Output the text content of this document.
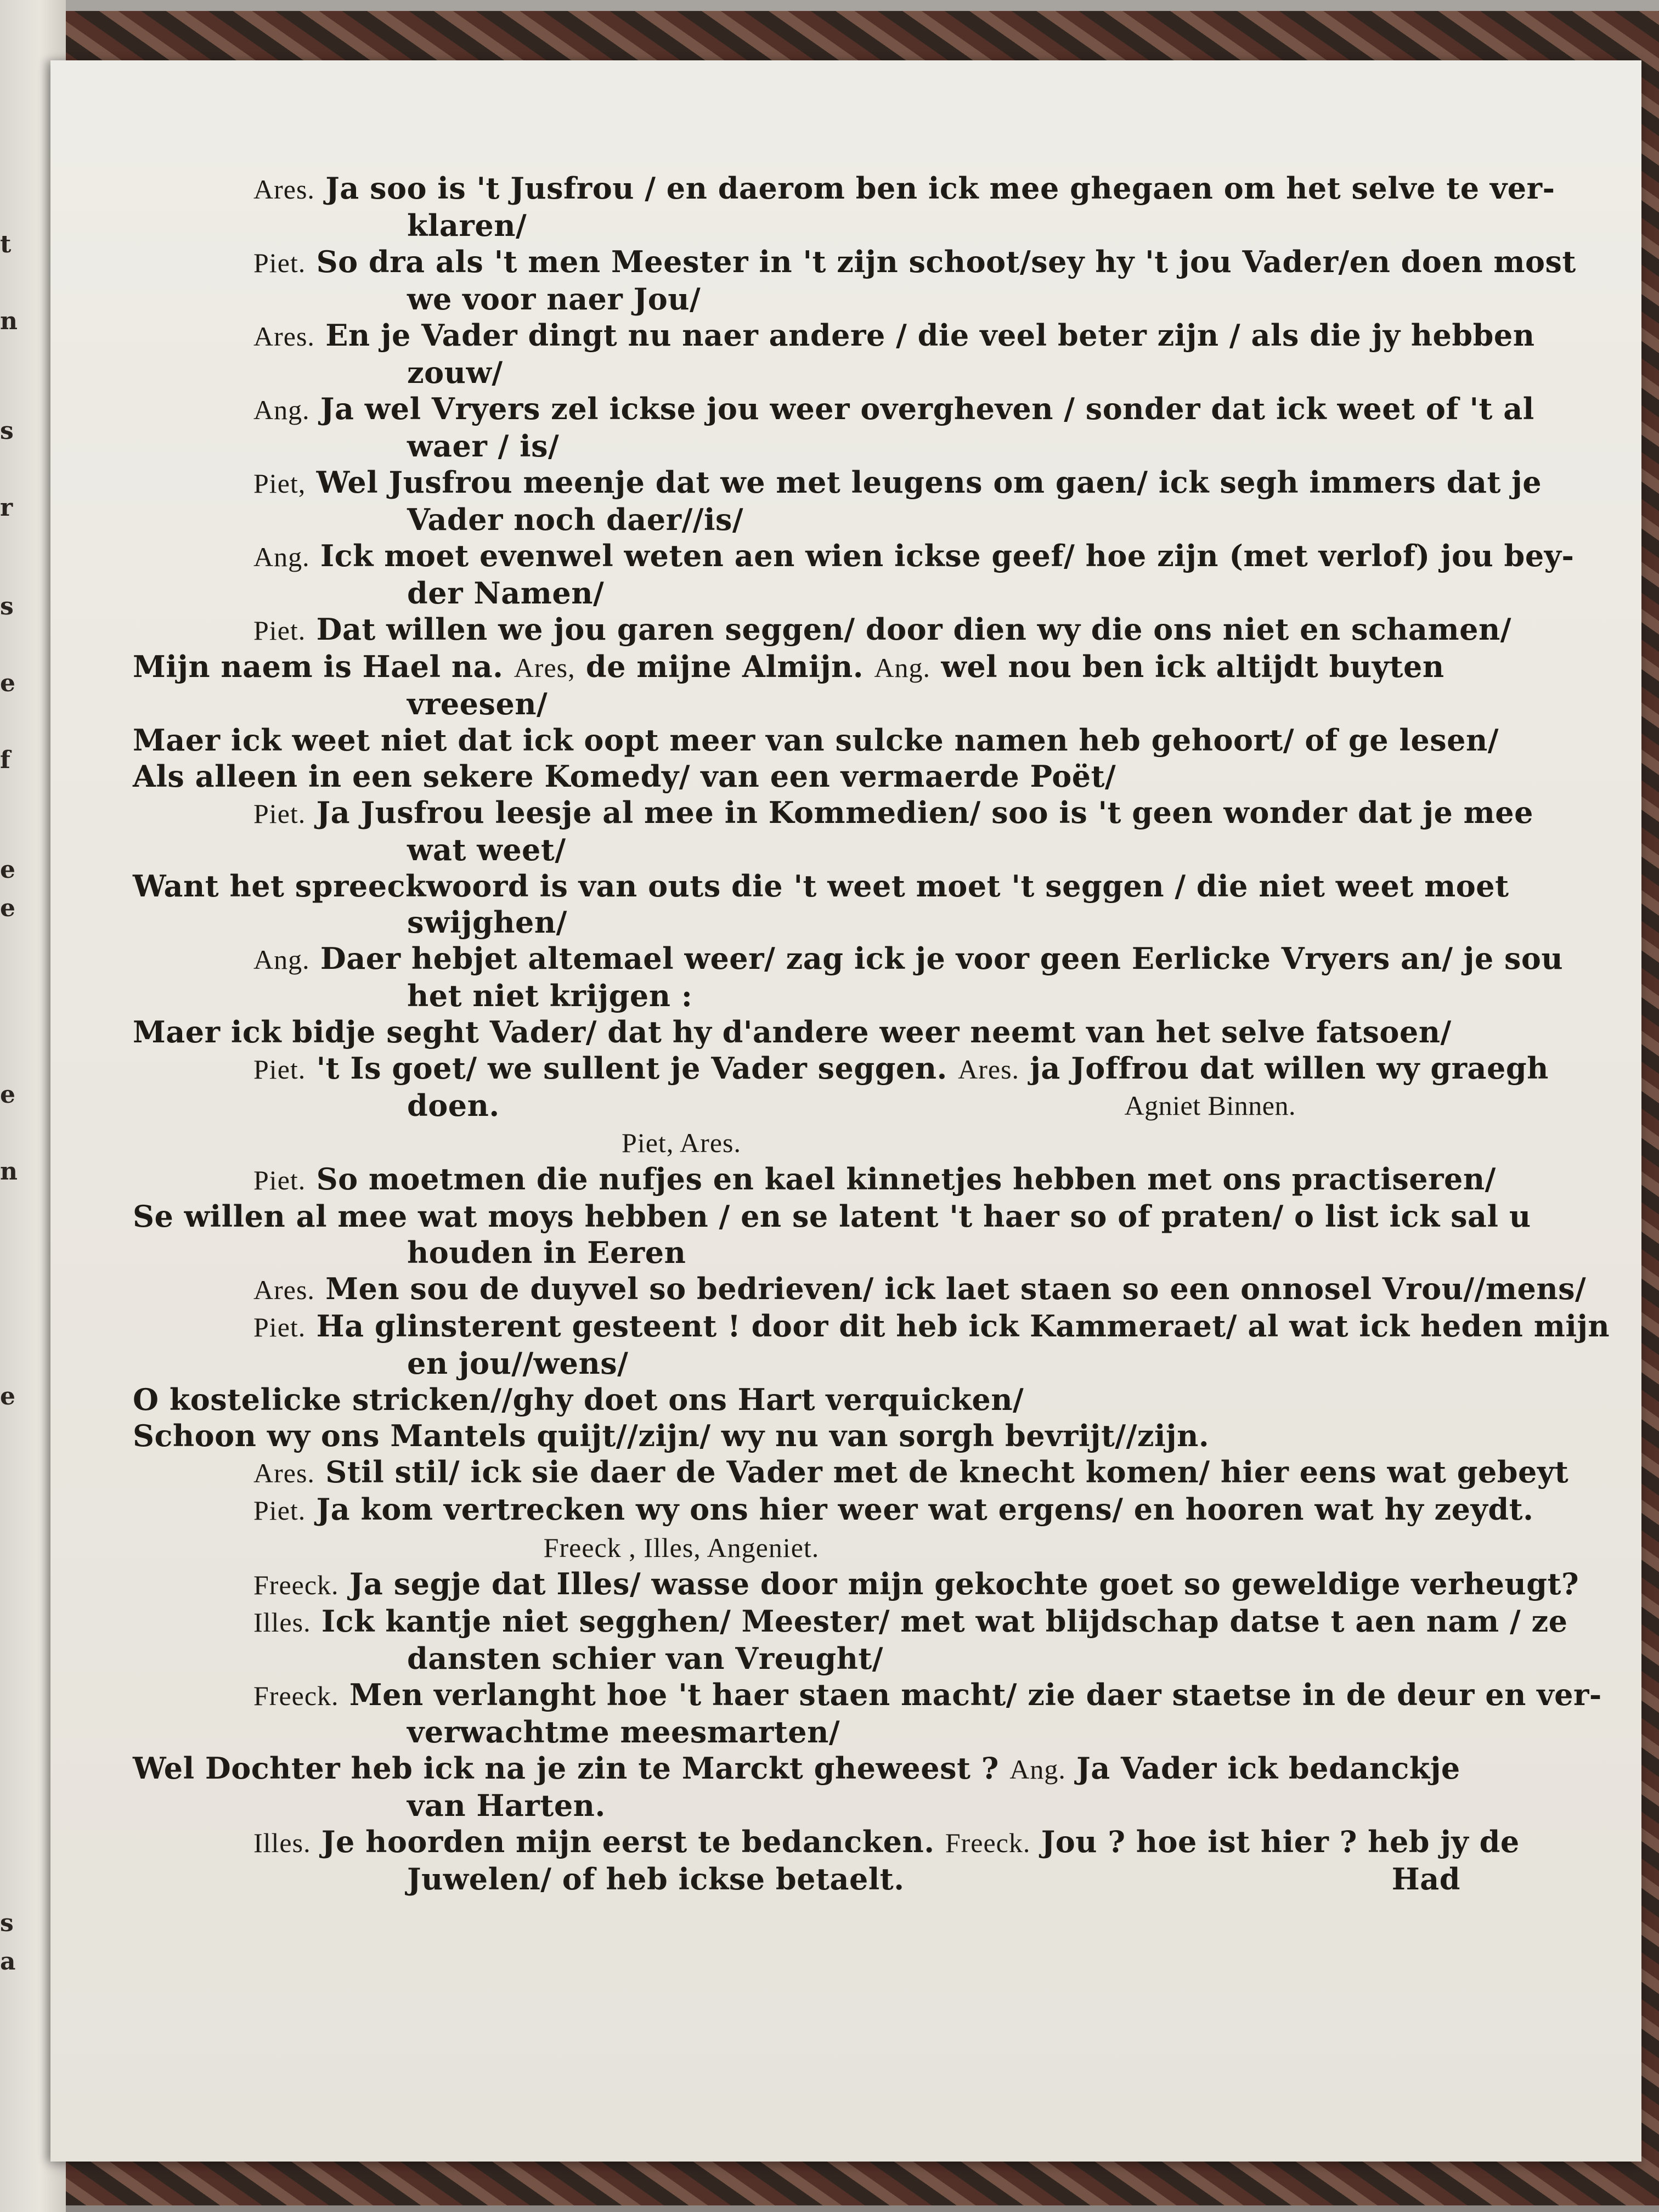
t
n
s
r
s
e
f
e
e
e
n
e
s
a
Ares. Ja soo is 't Jusfrou / en daerom ben ick mee ghegaen om het selve te ver-
klaren/
Piet. So dra als 't men Meester in 't zijn schoot/sey hy 't jou Vader/en doen most
we voor naer Jou/
Ares. En je Vader dingt nu naer andere / die veel beter zijn / als die jy hebben
zouw/
Ang. Ja wel Vryers zel ickse jou weer overgheven / sonder dat ick weet of 't al
waer / is/
Piet, Wel Jusfrou meenje dat we met leugens om gaen/ ick segh immers dat je
Vader noch daer//is/
Ang. Ick moet evenwel weten aen wien ickse geef/ hoe zijn (met verlof) jou bey-
der Namen/
Piet. Dat willen we jou garen seggen/ door dien wy die ons niet en schamen/
Mijn naem is Hael na. Ares, de mijne Almijn. Ang. wel nou ben ick altijdt buyten
vreesen/
Maer ick weet niet dat ick oopt meer van sulcke namen heb gehoort/ of ge lesen/
Als alleen in een sekere Komedy/ van een vermaerde Poët/
Piet. Ja Jusfrou leesje al mee in Kommedien/ soo is 't geen wonder dat je mee
wat weet/
Want het spreeckwoord is van outs die 't weet moet 't seggen / die niet weet moet
swijghen/
Ang. Daer hebjet altemael weer/ zag ick je voor geen Eerlicke Vryers an/ je sou
het niet krijgen :
Maer ick bidje seght Vader/ dat hy d'andere weer neemt van het selve fatsoen/
Piet. 't Is goet/ we sullent je Vader seggen. Ares. ja Joffrou dat willen wy graegh
doen.	Agniet Binnen.
Piet, Ares.
Piet. So moetmen die nufjes en kael kinnetjes hebben met ons practiseren/
Se willen al mee wat moys hebben / en se latent 't haer so of praten/ o list ick sal u
houden in Eeren
Ares. Men sou de duyvel so bedrieven/ ick laet staen so een onnosel Vrou//mens/
Piet. Ha glinsterent gesteent ! door dit heb ick Kammeraet/ al wat ick heden mijn
en jou//wens/
O kostelicke stricken//ghy doet ons Hart verquicken/
Schoon wy ons Mantels quijt//zijn/ wy nu van sorgh bevrijt//zijn.
Ares. Stil stil/ ick sie daer de Vader met de knecht komen/ hier eens wat gebeyt
Piet. Ja kom vertrecken wy ons hier weer wat ergens/ en hooren wat hy zeydt.
Freeck , Illes, Angeniet.
Freeck. Ja segje dat Illes/ wasse door mijn gekochte goet so geweldige verheugt?
Illes. Ick kantje niet segghen/ Meester/ met wat blijdschap datse t aen nam / ze
dansten schier van Vreught/
Freeck. Men verlanght hoe 't haer staen macht/ zie daer staetse in de deur en ver-
verwachtme meesmarten/
Wel Dochter heb ick na je zin te Marckt gheweest ? Ang. Ja Vader ick bedanckje
van Harten.
Illes. Je hoorden mijn eerst te bedancken. Freeck. Jou ? hoe ist hier ? heb jy de
Juwelen/ of heb ickse betaelt.	Had
